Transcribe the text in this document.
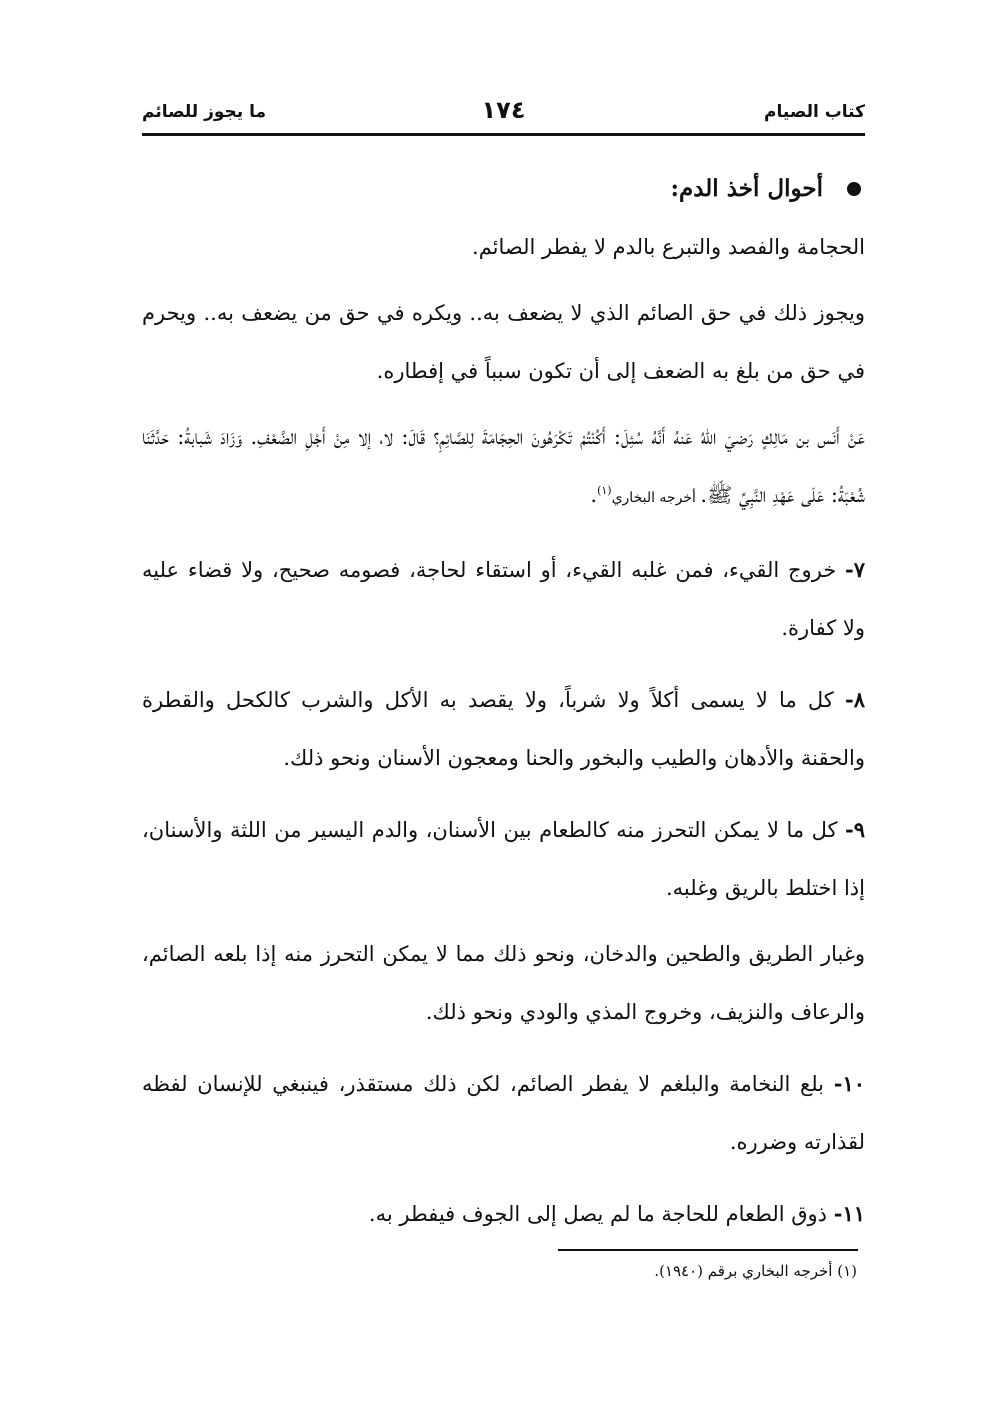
كتاب الصيام
١٧٤
ما يجوز للصائم
أحوال أخذ الدم:

الحجامة والفصد والتبرع بالدم لا يفطر الصائم.

ويجوز ذلك في حق الصائم الذي لا يضعف به.. ويكره في حق من يضعف به.. ويحرم في حق من بلغ به الضعف إلى أن تكون سبباً في إفطاره.

عَنْ أَنَس بن مَالِكٍ رَضيَ اللهُ عَنهُ أَنَّهُ سُئِلَ: أَكُنْتُمْ تَكْرَهُونَ الحِجَامَةَ لِلصَّائِمِ؟ قَالَ: لا، إلا مِنْ أَجْلِ الضَّعْفِ. وَزَادَ شَبابةُ: حَدَّثَنَا شُعْبَةُ: عَلَى عَهْدِ النَّبِيِّ ﷺ. أخرجه البخاري$^{(١)}$.

٧- خروج القيء، فمن غلبه القيء، أو استقاء لحاجة، فصومه صحيح، ولا قضاء عليه ولا كفارة.

٨- كل ما لا يسمى أكلاً ولا شرباً، ولا يقصد به الأكل والشرب كالكحل والقطرة والحقنة والأدهان والطيب والبخور والحنا ومعجون الأسنان ونحو ذلك.

٩- كل ما لا يمكن التحرز منه كالطعام بين الأسنان، والدم اليسير من اللثة والأسنان، إذا اختلط بالريق وغلبه.

وغبار الطريق والطحين والدخان، ونحو ذلك مما لا يمكن التحرز منه إذا بلعه الصائم، والرعاف والنزيف، وخروج المذي والودي ونحو ذلك.

١٠- بلع النخامة والبلغم لا يفطر الصائم، لكن ذلك مستقذر، فينبغي للإنسان لفظه لقذارته وضرره.

١١- ذوق الطعام للحاجة ما لم يصل إلى الجوف فيفطر به.

(١) أخرجه البخاري برقم (١٩٤٠).
